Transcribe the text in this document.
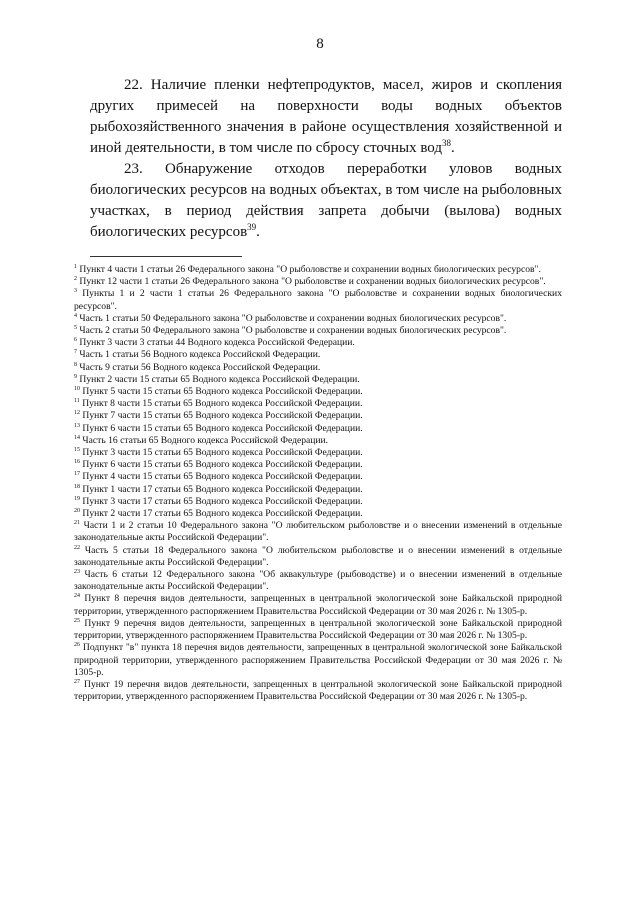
8

22. Наличие пленки нефтепродуктов, масел, жиров и скопления других примесей на поверхности воды водных объектов рыбохозяйственного значения в районе осуществления хозяйственной и иной деятельности, в том числе по сбросу сточных вод$^{38}$.

23. Обнаружение отходов переработки уловов водных биологических ресурсов на водных объектах, в том числе на рыболовных участках, в период действия запрета добычи (вылова) водных биологических ресурсов$^{39}$.

$^1$ Пункт 4 части 1 статьи 26 Федерального закона "О рыболовстве и сохранении водных биологических ресурсов".

$^2$ Пункт 12 части 1 статьи 26 Федерального закона "О рыболовстве и сохранении водных биологических ресурсов".

$^3$ Пункты 1 и 2 части 1 статьи 26 Федерального закона "О рыболовстве и сохранении водных биологических ресурсов".

$^4$ Часть 1 статьи 50 Федерального закона "О рыболовстве и сохранении водных биологических ресурсов".

$^5$ Часть 2 статьи 50 Федерального закона "О рыболовстве и сохранении водных биологических ресурсов".

$^6$ Пункт 3 части 3 статьи 44 Водного кодекса Российской Федерации.

$^7$ Часть 1 статьи 56 Водного кодекса Российской Федерации.

$^8$ Часть 9 статьи 56 Водного кодекса Российской Федерации.

$^9$ Пункт 2 части 15 статьи 65 Водного кодекса Российской Федерации.

$^{10}$ Пункт 5 части 15 статьи 65 Водного кодекса Российской Федерации.

$^{11}$ Пункт 8 части 15 статьи 65 Водного кодекса Российской Федерации.

$^{12}$ Пункт 7 части 15 статьи 65 Водного кодекса Российской Федерации.

$^{13}$ Пункт 6 части 15 статьи 65 Водного кодекса Российской Федерации.

$^{14}$ Часть 16 статьи 65 Водного кодекса Российской Федерации.

$^{15}$ Пункт 3 части 15 статьи 65 Водного кодекса Российской Федерации.

$^{16}$ Пункт 6 части 15 статьи 65 Водного кодекса Российской Федерации.

$^{17}$ Пункт 4 части 15 статьи 65 Водного кодекса Российской Федерации.

$^{18}$ Пункт 1 части 17 статьи 65 Водного кодекса Российской Федерации.

$^{19}$ Пункт 3 части 17 статьи 65 Водного кодекса Российской Федерации.

$^{20}$ Пункт 2 части 17 статьи 65 Водного кодекса Российской Федерации.

$^{21}$ Части 1 и 2 статьи 10 Федерального закона "О любительском рыболовстве и о внесении изменений в отдельные законодательные акты Российской Федерации".

$^{22}$ Часть 5 статьи 18 Федерального закона "О любительском рыболовстве и о внесении изменений в отдельные законодательные акты Российской Федерации".

$^{23}$ Часть 6 статьи 12 Федерального закона "Об аквакультуре (рыбоводстве) и о внесении изменений в отдельные законодательные акты Российской Федерации".

$^{24}$ Пункт 8 перечня видов деятельности, запрещенных в центральной экологической зоне Байкальской природной территории, утвержденного распоряжением Правительства Российской Федерации от 30 мая 2026 г. № 1305-р.

$^{25}$ Пункт 9 перечня видов деятельности, запрещенных в центральной экологической зоне Байкальской природной территории, утвержденного распоряжением Правительства Российской Федерации от 30 мая 2026 г. № 1305-р.

$^{26}$ Подпункт "в" пункта 18 перечня видов деятельности, запрещенных в центральной экологической зоне Байкальской природной территории, утвержденного распоряжением Правительства Российской Федерации от 30 мая 2026 г. № 1305-р.

$^{27}$ Пункт 19 перечня видов деятельности, запрещенных в центральной экологической зоне Байкальской природной территории, утвержденного распоряжением Правительства Российской Федерации от 30 мая 2026 г. № 1305-р.
